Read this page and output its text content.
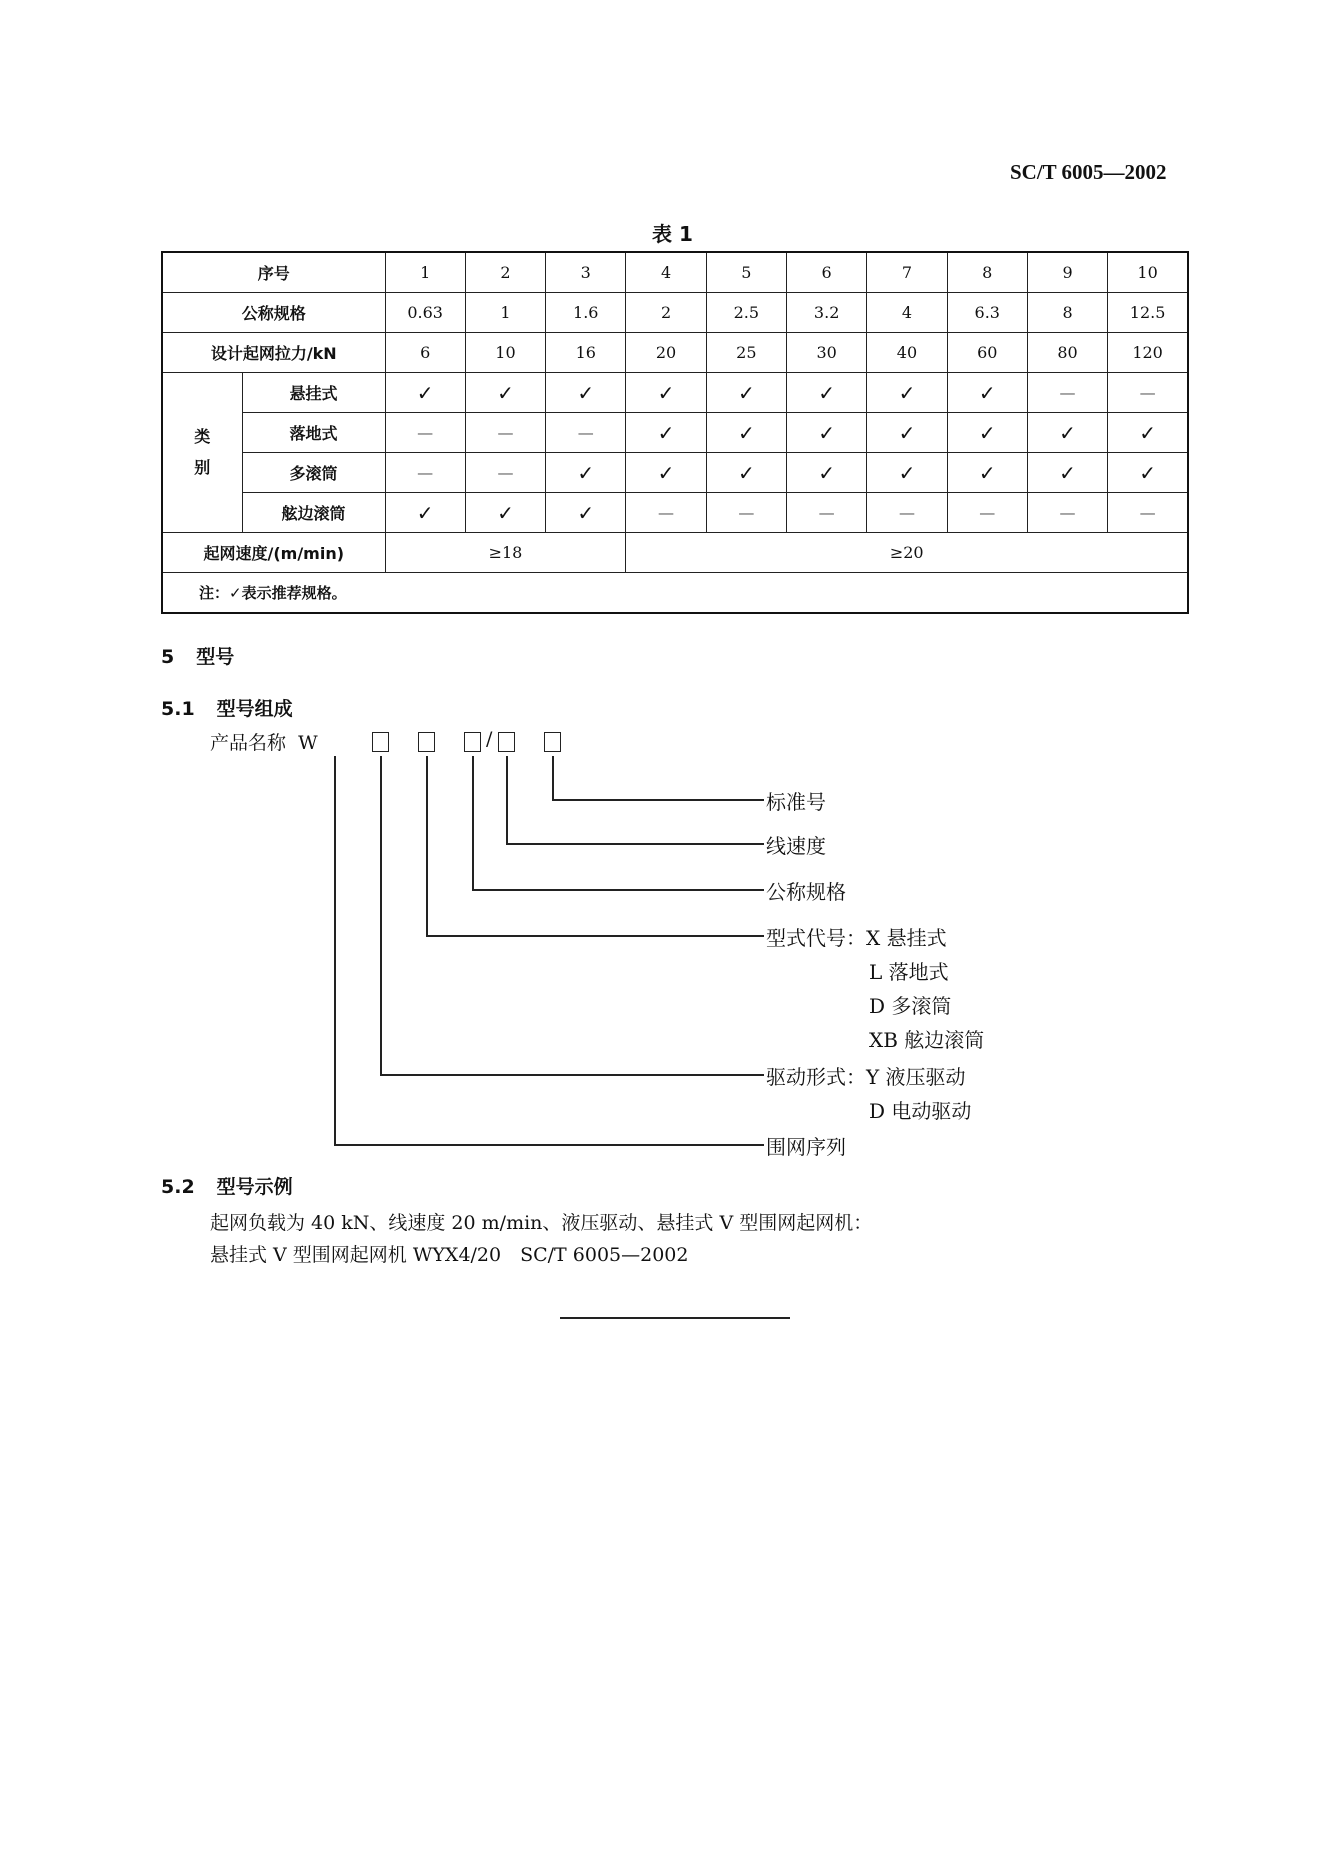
SC/T 6005—2002
表 1
序号		1	2	3	4	5	6	7	8	9	10
公称规格		0.63	1	1.6	2	2.5	3.2	4	6.3	8	12.5
设计起网拉力/kN		6	10	16	20	25	30	40	60	80	120
类别	悬挂式	✓	✓	✓	✓	✓	✓	✓	✓	—	—
	落地式	—	—	—	✓	✓	✓	✓	✓	✓	✓
	多滚筒	—	—	✓	✓	✓	✓	✓	✓	✓	✓
	舷边滚筒	✓	✓	✓	—	—	—	—	—	—	—
起网速度/(m/min)		≥18			≥20						
注：✓表示推荐规格。											
5 型号
5.1 型号组成
产品名称 W	/
标准号
线速度
公称规格
型式代号：X 悬挂式
L 落地式
D 多滚筒
XB 舷边滚筒
驱动形式：Y 液压驱动
D 电动驱动
围网序列
5.2 型号示例
起网负载为 40 kN、线速度 20 m/min、液压驱动、悬挂式 V 型围网起网机：
悬挂式 V 型围网起网机 WYX4/20　SC/T 6005—2002
